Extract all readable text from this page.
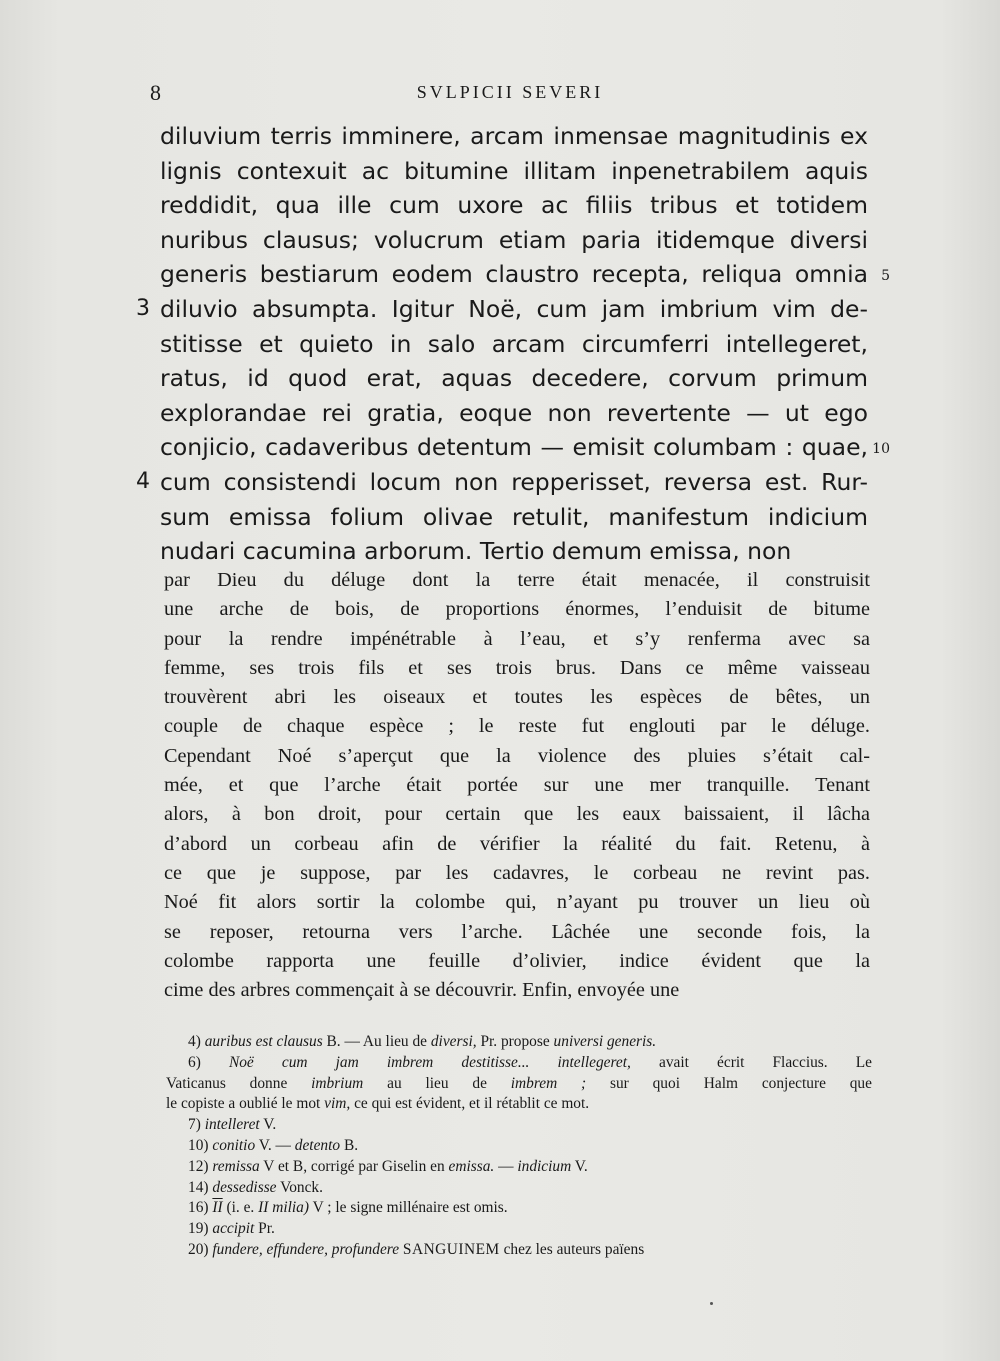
8	SVLPICII SEVERI
diluvium terris imminere, arcam inmensae magnitudinis ex
lignis contexuit ac bitumine illitam inpenetrabilem aquis
reddidit, qua ille cum uxore ac filiis tribus et totidem
nuribus clausus; volucrum etiam paria itidemque diversi
generis bestiarum eodem claustro recepta, reliqua omnia 5
diluvio absumpta. Igitur Noë, cum jam imbrium vim de-
3
stitisse et quieto in salo arcam circumferri intellegeret,
ratus, id quod erat, aquas decedere, corvum primum
explorandae rei gratia, eoque non revertente — ut ego
conjicio, cadaveribus detentum — emisit columbam : quae, 10
cum consistendi locum non repperisset, reversa est. Rur-
4
sum emissa folium olivae retulit, manifestum indicium
nudari cacumina arborum. Tertio demum emissa, non
par Dieu du déluge dont la terre était menacée, il construisit
une arche de bois, de proportions énormes, l’enduisit de bitume
pour la rendre impénétrable à l’eau, et s’y renferma avec sa
femme, ses trois fils et ses trois brus. Dans ce même vaisseau
trouvèrent abri les oiseaux et toutes les espèces de bêtes, un
couple de chaque espèce ; le reste fut englouti par le déluge.
Cependant Noé s’aperçut que la violence des pluies s’était cal-
mée, et que l’arche était portée sur une mer tranquille. Tenant
alors, à bon droit, pour certain que les eaux baissaient, il lâcha
d’abord un corbeau afin de vérifier la réalité du fait. Retenu, à
ce que je suppose, par les cadavres, le corbeau ne revint pas.
Noé fit alors sortir la colombe qui, n’ayant pu trouver un lieu où
se reposer, retourna vers l’arche. Lâchée une seconde fois, la
colombe rapporta une feuille d’olivier, indice évident que la
cime des arbres commençait à se découvrir. Enfin, envoyée une
4) auribus est clausus B. — Au lieu de diversi, Pr. propose universi generis.
6) Noë cum jam imbrem destitisse... intellegeret, avait écrit Flaccius. Le
Vaticanus donne imbrium au lieu de imbrem ; sur quoi Halm conjecture que
le copiste a oublié le mot vim, ce qui est évident, et il rétablit ce mot.
7) intelleret V.
10) conitio V. — detento B.
12) remissa V et B, corrigé par Giselin en emissa. — indicium V.
14) dessedisse Vonck.
16) $\overline{II}$ (i. e. II milia) V ; le signe millénaire est omis.
19) accipit Pr.
20) fundere, effundere, profundere SANGUINEM chez les auteurs païens
